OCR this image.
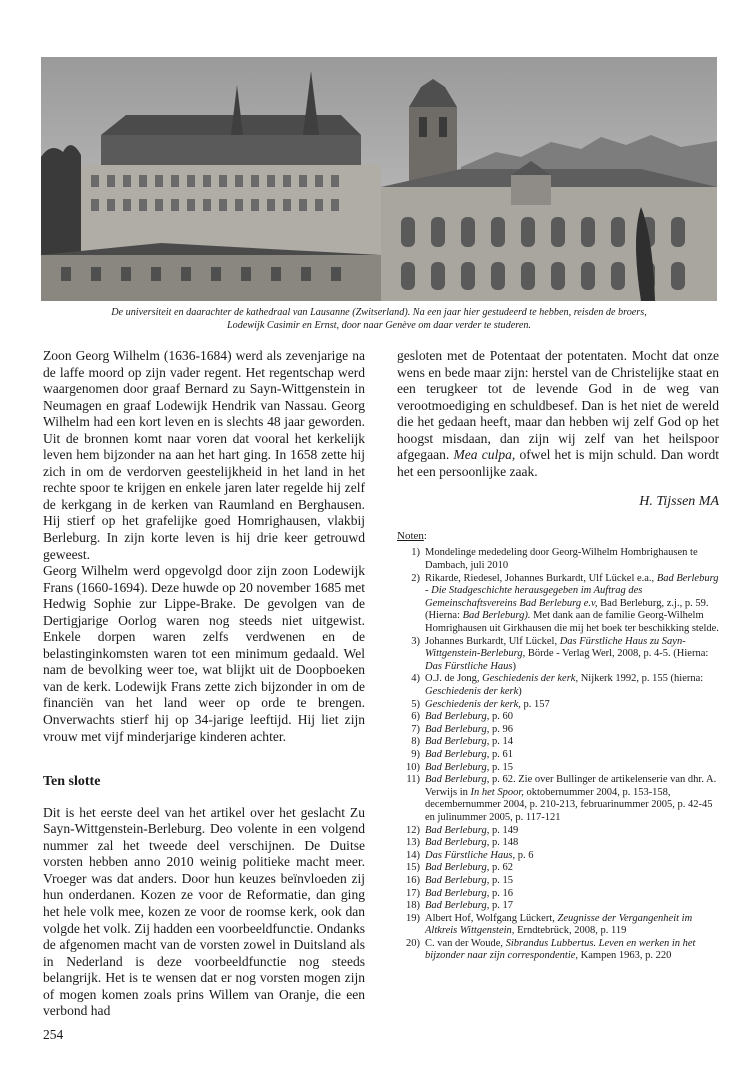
De universiteit en daarachter de kathedraal van Lausanne (Zwitserland). Na een jaar hier gestudeerd te hebben, reisden de broers,
Lodewijk Casimir en Ernst, door naar Genève om daar verder te studeren.

Zoon Georg Wilhelm (1636-1684) werd als zevenjarige na de laffe moord op zijn vader regent. Het regentschap werd waargenomen door graaf Bernard zu Sayn-Wittgenstein in Neumagen en graaf Lodewijk Hendrik van Nassau. Georg Wilhelm had een kort leven en is slechts 48 jaar geworden. Uit de bronnen komt naar voren dat vooral het kerkelijk leven hem bijzonder na aan het hart ging. In 1658 zette hij zich in om de verdorven geestelijkheid in het land in het rechte spoor te krijgen en enkele jaren later regelde hij zelf de kerkgang in de kerken van Raumland en Berghausen. Hij stierf op het grafelijke goed Homrighausen, vlakbij Berleburg. In zijn korte leven is hij drie keer getrouwd geweest.

Georg Wilhelm werd opgevolgd door zijn zoon Lodewijk Frans (1660-1694). Deze huwde op 20 november 1685 met Hedwig Sophie zur Lippe-Brake. De gevolgen van de Dertigjarige Oorlog waren nog steeds niet uitgewist. Enkele dorpen waren zelfs verdwenen en de belastinginkomsten waren tot een minimum gedaald. Wel nam de bevolking weer toe, wat blijkt uit de Doopboeken van de kerk. Lodewijk Frans zette zich bijzonder in om de financiën van het land weer op orde te brengen. Onverwachts stierf hij op 34-jarige leeftijd. Hij liet zijn vrouw met vijf minderjarige kinderen achter.

Ten slotte

Dit is het eerste deel van het artikel over het geslacht Zu Sayn-Wittgenstein-Berleburg. Deo volente in een volgend nummer zal het tweede deel verschijnen. De Duitse vorsten hebben anno 2010 weinig politieke macht meer. Vroeger was dat anders. Door hun keuzes beïnvloeden zij hun onderdanen. Kozen ze voor de Reformatie, dan ging het hele volk mee, kozen ze voor de roomse kerk, ook dan volgde het volk. Zij hadden een voorbeeldfunctie. Ondanks de afgenomen macht van de vorsten zowel in Duitsland als in Nederland is deze voorbeeldfunctie nog steeds belangrijk. Het is te wensen dat er nog vorsten mogen zijn of mogen komen zoals prins Willem van Oranje, die een verbond had

gesloten met de Potentaat der potentaten. Mocht dat onze wens en bede maar zijn: herstel van de Christelijke staat en een terugkeer tot de levende God in de weg van verootmoediging en schuldbesef. Dan is het niet de wereld die het gedaan heeft, maar dan hebben wij zelf God op het hoogst misdaan, dan zijn wij zelf van het heilspoor afgegaan. Mea culpa, ofwel het is mijn schuld. Dan wordt het een persoonlijke zaak.

H. Tijssen MA

Noten:

1) Mondelinge mededeling door Georg-Wilhelm Hombrighausen te Dambach, juli 2010
2) Rikarde, Riedesel, Johannes Burkardt, Ulf Lückel e.a., Bad Berleburg - Die Stadgeschichte herausgegeben im Auftrag des Gemeinschaftsvereins Bad Berleburg e.v, Bad Berleburg, z.j., p. 59. (Hierna: Bad Berleburg). Met dank aan de familie Georg-Wilhelm Homrighausen uit Girkhausen die mij het boek ter beschikking stelde.
3) Johannes Burkardt, Ulf Lückel, Das Fürstliche Haus zu Sayn-Wittgenstein-Berleburg, Börde - Verlag Werl, 2008, p. 4-5. (Hierna: Das Fürstliche Haus)
4) O.J. de Jong, Geschiedenis der kerk, Nijkerk 1992, p. 155 (hierna: Geschiedenis der kerk)
5) Geschiedenis der kerk, p. 157
6) Bad Berleburg, p. 60
7) Bad Berleburg, p. 96
8) Bad Berleburg, p. 14
9) Bad Berleburg, p. 61
10) Bad Berleburg, p. 15
11) Bad Berleburg, p. 62. Zie over Bullinger de artikelenserie van dhr. A. Verwijs in In het Spoor, oktobernummer 2004, p. 153-158, decembernummer 2004, p. 210-213, februarinummer 2005, p. 42-45 en julinummer 2005, p. 117-121
12) Bad Berleburg, p. 149
13) Bad Berleburg, p. 148
14) Das Fürstliche Haus, p. 6
15) Bad Berleburg, p. 62
16) Bad Berleburg, p. 15
17) Bad Berleburg, p. 16
18) Bad Berleburg, p. 17
19) Albert Hof, Wolfgang Lückert, Zeugnisse der Vergangenheit im Altkreis Wittgenstein, Erndtebrück, 2008, p. 119
20) C. van der Woude, Sibrandus Lubbertus. Leven en werken in het bijzonder naar zijn correspondentie, Kampen 1963, p. 220
254
